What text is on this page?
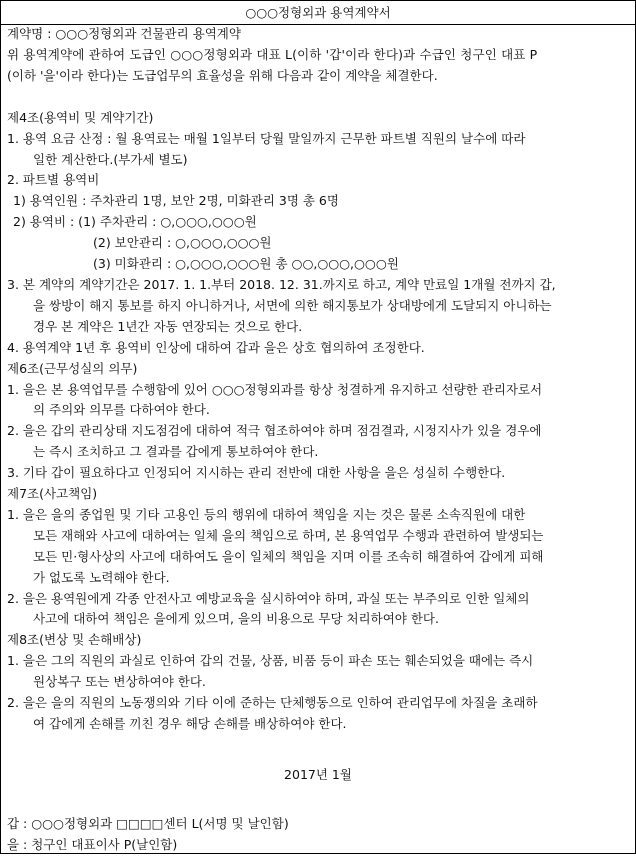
○○○정형외과 용역계약서
계약명 : ○○○정형외과 건물관리 용역계약
위 용역계약에 관하여 도급인 ○○○정형외과 대표 L(이하 '갑'이라 한다)과 수급인 청구인 대표 P
(이하 '을'이라 한다)는 도급업무의 효율성을 위해 다음과 같이 계약을 체결한다.
제4조(용역비 및 계약기간)
1. 용역 요금 산정 : 월 용역료는 매월 1일부터 당월 말일까지 근무한 파트별 직원의 날수에 따라
일한 계산한다.(부가세 별도)
2. 파트별 용역비
1) 용역인원 : 주차관리 1명, 보안 2명, 미화관리 3명 총 6명
2) 용역비 : (1) 주차관리 : ○,○○○,○○○원
(2) 보안관리 : ○,○○○,○○○원
(3) 미화관리 : ○,○○○,○○○원 총 ○○,○○○,○○○원
3. 본 계약의 계약기간은 2017. 1. 1.부터 2018. 12. 31.까지로 하고, 계약 만료일 1개월 전까지 갑,
을 쌍방이 해지 통보를 하지 아니하거나, 서면에 의한 해지통보가 상대방에게 도달되지 아니하는
경우 본 계약은 1년간 자동 연장되는 것으로 한다.
4. 용역계약 1년 후 용역비 인상에 대하여 갑과 을은 상호 협의하여 조정한다.
제6조(근무성실의 의무)
1. 을은 본 용역업무를 수행함에 있어 ○○○정형외과를 항상 청결하게 유지하고 선량한 관리자로서
의 주의와 의무를 다하여야 한다.
2. 을은 갑의 관리상태 지도점검에 대하여 적극 협조하여야 하며 점검결과, 시정지사가 있을 경우에
는 즉시 조치하고 그 결과를 갑에게 통보하여야 한다.
3. 기타 갑이 필요하다고 인정되어 지시하는 관리 전반에 대한 사항을 을은 성실히 수행한다.
제7조(사고책임)
1. 을은 을의 종업원 및 기타 고용인 등의 행위에 대하여 책임을 지는 것은 물론 소속직원에 대한
모든 재해와 사고에 대하여는 일체 을의 책임으로 하며, 본 용역업무 수행과 관련하여 발생되는
모든 민·형사상의 사고에 대하여도 을이 일체의 책임을 지며 이를 조속히 해결하여 갑에게 피해
가 없도록 노력해야 한다.
2. 을은 용역원에게 각종 안전사고 예방교육을 실시하여야 하며, 과실 또는 부주의로 인한 일체의
사고에 대하여 책임은 을에게 있으며, 을의 비용으로 무당 처리하여야 한다.
제8조(변상 및 손해배상)
1. 을은 그의 직원의 과실로 인하여 갑의 건물, 상품, 비품 등이 파손 또는 훼손되었을 때에는 즉시
원상복구 또는 변상하여야 한다.
2. 을은 을의 직원의 노동쟁의와 기타 이에 준하는 단체행동으로 인하여 관리업무에 차질을 초래하
여 갑에게 손해를 끼친 경우 해당 손해를 배상하여야 한다.
2017년 1월
갑 : ○○○정형외과 □□□□센터 L(서명 및 날인함)
을 : 청구인 대표이사 P(날인함)
